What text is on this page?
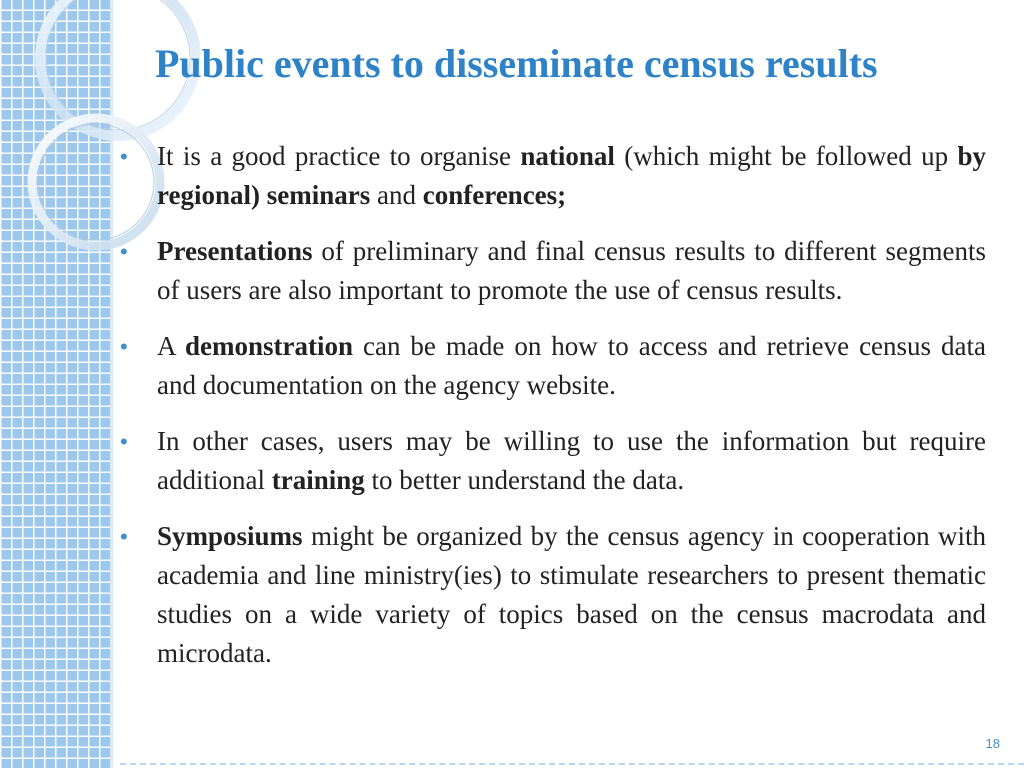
Public events to disseminate census results
• It is a good practice to organise national (which might be followed up by regional) seminars and conferences;
• Presentations of preliminary and final census results to different segments of users are also important to promote the use of census results.
• A demonstration can be made on how to access and retrieve census data and documentation on the agency website.
• In other cases, users may be willing to use the information but require additional training to better understand the data.
• Symposiums might be organized by the census agency in cooperation with academia and line ministry(ies) to stimulate researchers to present thematic studies on a wide variety of topics based on the census macrodata and microdata.
18
